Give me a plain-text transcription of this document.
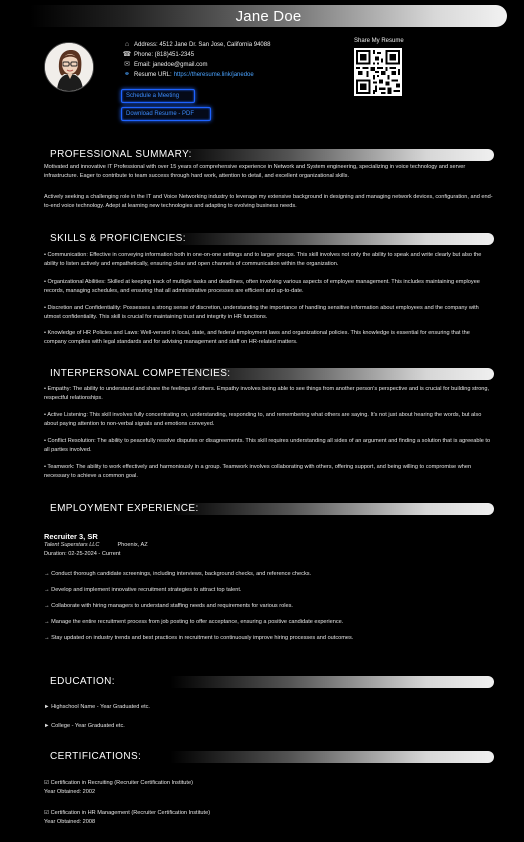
Jane Doe
⌂ Address: 4512 Jane Dr. San Jose, California 94088
☎ Phone: (818)451-2345
✉ Email: janedoe@gmail.com
⚭ Resume URL: https://theresume.link/janedoe
Schedule a Meeting
Download Resume - PDF
Share My Resume
PROFESSIONAL SUMMARY:
Motivated and innovative IT Professional with over 15 years of comprehensive experience in Network and System engineering, specializing in voice technology and server infrastructure. Eager to contribute to team success through hard work, attention to detail, and excellent organizational skills.
Actively seeking a challenging role in the IT and Voice Networking industry to leverage my extensive background in designing and managing network devices, configuration, and end-to-end voice technology. Adept at learning new technologies and adapting to evolving business needs.
SKILLS & PROFICIENCIES:
• Communication: Effective in conveying information both in one-on-one settings and to larger groups. This skill involves not only the ability to speak and write clearly but also the ability to listen actively and empathetically, ensuring clear and open channels of communication within the organization.
• Organizational Abilities: Skilled at keeping track of multiple tasks and deadlines, often involving various aspects of employee management. This includes maintaining employee records, managing schedules, and ensuring that all administrative processes are efficient and up-to-date.
• Discretion and Confidentiality: Possesses a strong sense of discretion, understanding the importance of handling sensitive information about employees and the company with utmost confidentiality. This skill is crucial for maintaining trust and integrity in HR functions.
• Knowledge of HR Policies and Laws: Well-versed in local, state, and federal employment laws and organizational policies. This knowledge is essential for ensuring that the company complies with legal standards and for advising management and staff on HR-related matters.
INTERPERSONAL COMPETENCIES:
• Empathy: The ability to understand and share the feelings of others. Empathy involves being able to see things from another person's perspective and is crucial for building strong, respectful relationships.
• Active Listening: This skill involves fully concentrating on, understanding, responding to, and remembering what others are saying. It's not just about hearing the words, but also about paying attention to non-verbal signals and emotions conveyed.
• Conflict Resolution: The ability to peacefully resolve disputes or disagreements. This skill requires understanding all sides of an argument and finding a solution that is agreeable to all parties involved.
• Teamwork: The ability to work effectively and harmoniously in a group. Teamwork involves collaborating with others, offering support, and being willing to compromise when necessary to achieve a common goal.
EMPLOYMENT EXPERIENCE:
Recruiter 3, SR
Talent Superstars LLC	Phoenix, AZ
Duration: 02-25-2024 - Current
→ Conduct thorough candidate screenings, including interviews, background checks, and reference checks.
→ Develop and implement innovative recruitment strategies to attract top talent.
→ Collaborate with hiring managers to understand staffing needs and requirements for various roles.
→ Manage the entire recruitment process from job posting to offer acceptance, ensuring a positive candidate experience.
→ Stay updated on industry trends and best practices in recruitment to continuously improve hiring processes and outcomes.
EDUCATION:
► Highschool Name - Year Graduated etc.
► College - Year Graduated etc.
CERTIFICATIONS:
☑ Certification in Recruiting (Recruiter Certification Institute)
Year Obtained: 2002
☑ Certification in HR Management (Recruiter Certification Institute)
Year Obtained: 2008
